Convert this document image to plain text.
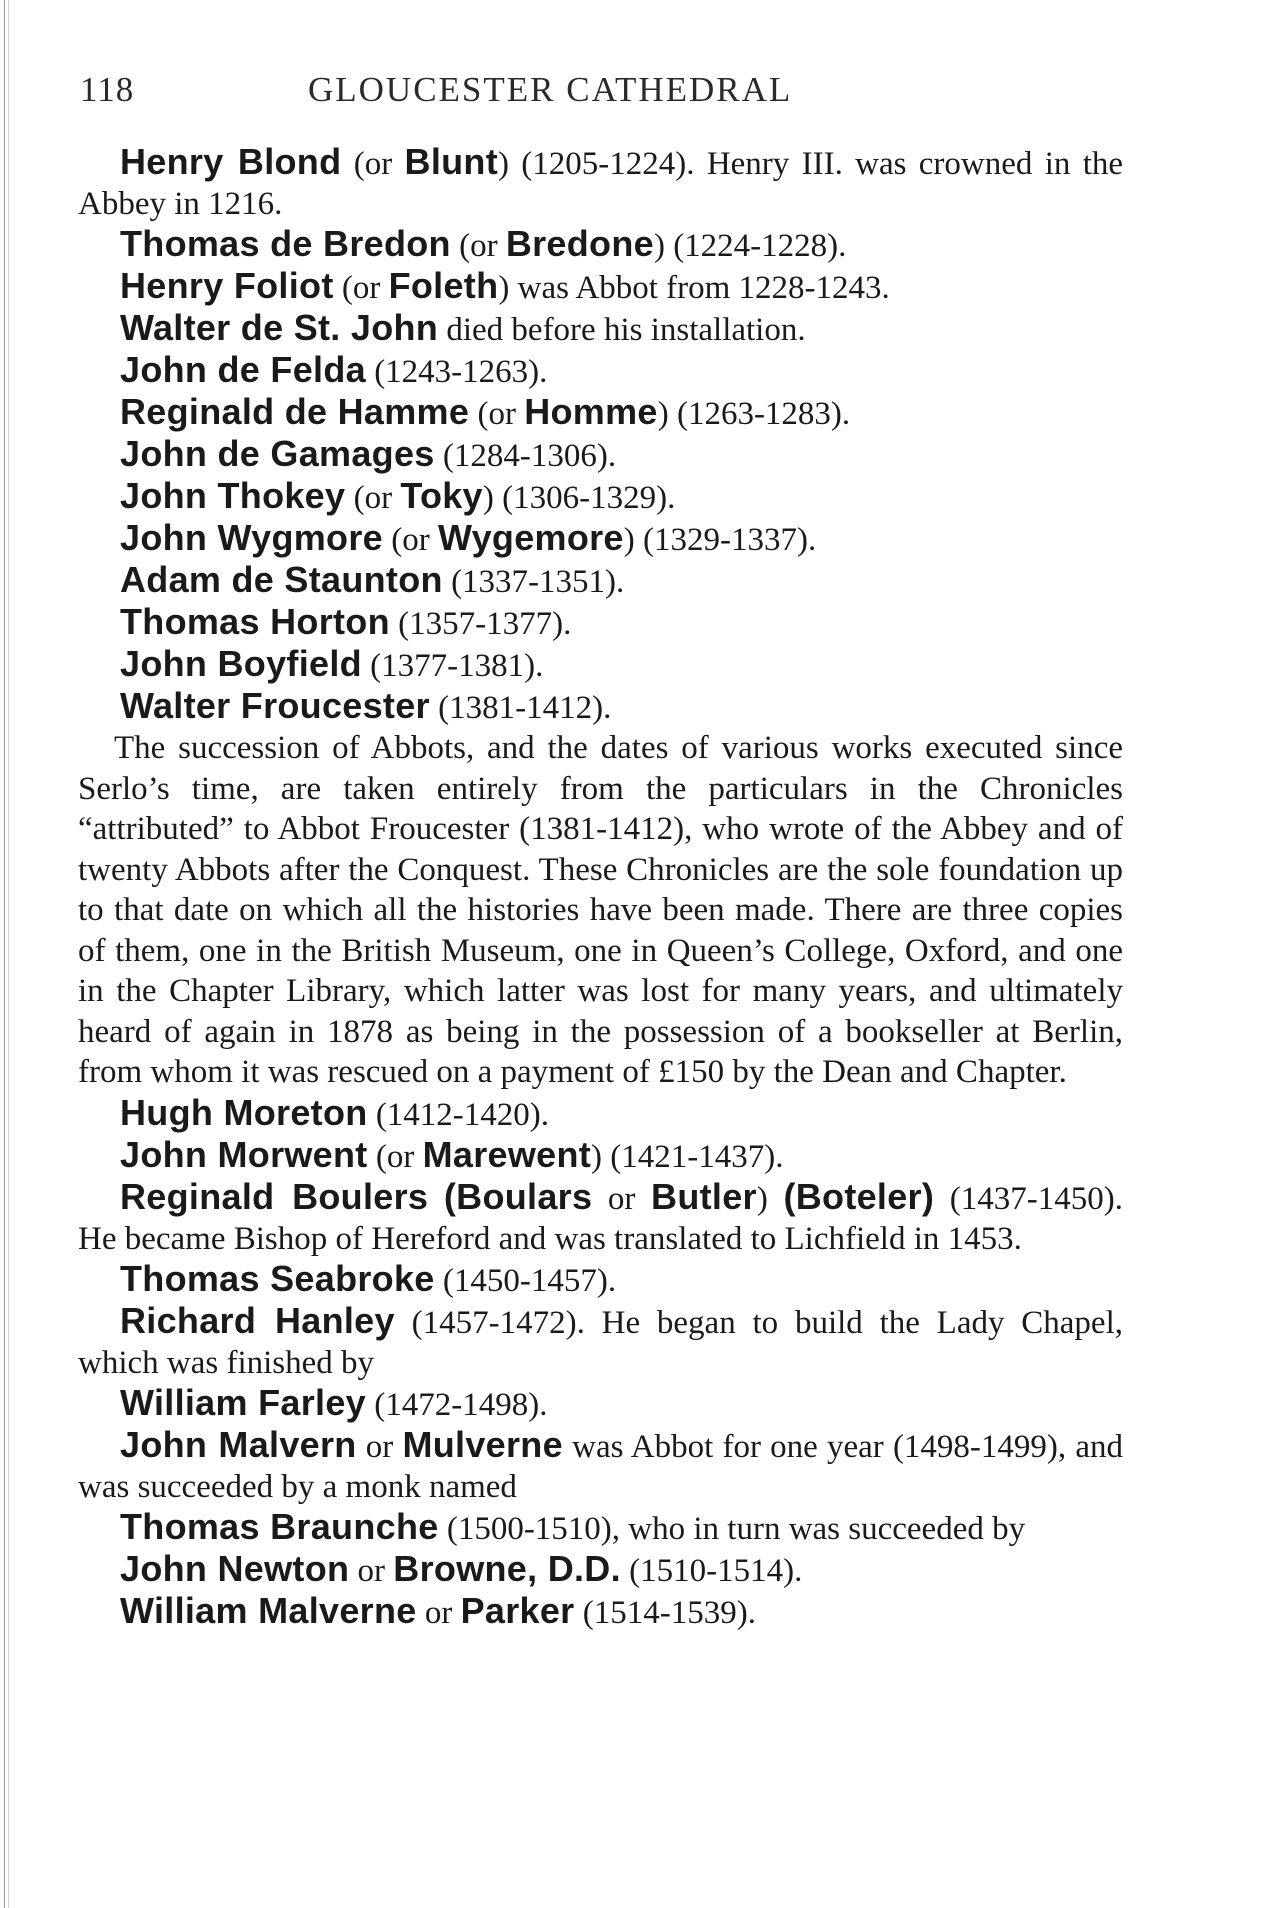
118	GLOUCESTER CATHEDRAL

Henry Blond (or Blunt) (1205-1224). Henry III. was crowned in the Abbey in 1216.

Thomas de Bredon (or Bredone) (1224-1228).

Henry Foliot (or Foleth) was Abbot from 1228-1243.

Walter de St. John died before his installation.

John de Felda (1243-1263).

Reginald de Hamme (or Homme) (1263-1283).

John de Gamages (1284-1306).

John Thokey (or Toky) (1306-1329).

John Wygmore (or Wygemore) (1329-1337).

Adam de Staunton (1337-1351).

Thomas Horton (1357-1377).

John Boyfield (1377-1381).

Walter Froucester (1381-1412).

The succession of Abbots, and the dates of various works executed since Serlo’s time, are taken entirely from the particulars in the Chronicles “attributed” to Abbot Froucester (1381-1412), who wrote of the Abbey and of twenty Abbots after the Conquest. These Chronicles are the sole foundation up to that date on which all the histories have been made. There are three copies of them, one in the British Museum, one in Queen’s College, Oxford, and one in the Chapter Library, which latter was lost for many years, and ultimately heard of again in 1878 as being in the possession of a bookseller at Berlin, from whom it was rescued on a payment of £150 by the Dean and Chapter.

Hugh Moreton (1412-1420).

John Morwent (or Marewent) (1421-1437).

Reginald Boulers (Boulars or Butler) (Boteler) (1437-1450). He became Bishop of Hereford and was translated to Lichfield in 1453.

Thomas Seabroke (1450-1457).

Richard Hanley (1457-1472). He began to build the Lady Chapel, which was finished by

William Farley (1472-1498).

John Malvern or Mulverne was Abbot for one year (1498-1499), and was succeeded by a monk named

Thomas Braunche (1500-1510), who in turn was succeeded by

John Newton or Browne, D.D. (1510-1514).

William Malverne or Parker (1514-1539).
